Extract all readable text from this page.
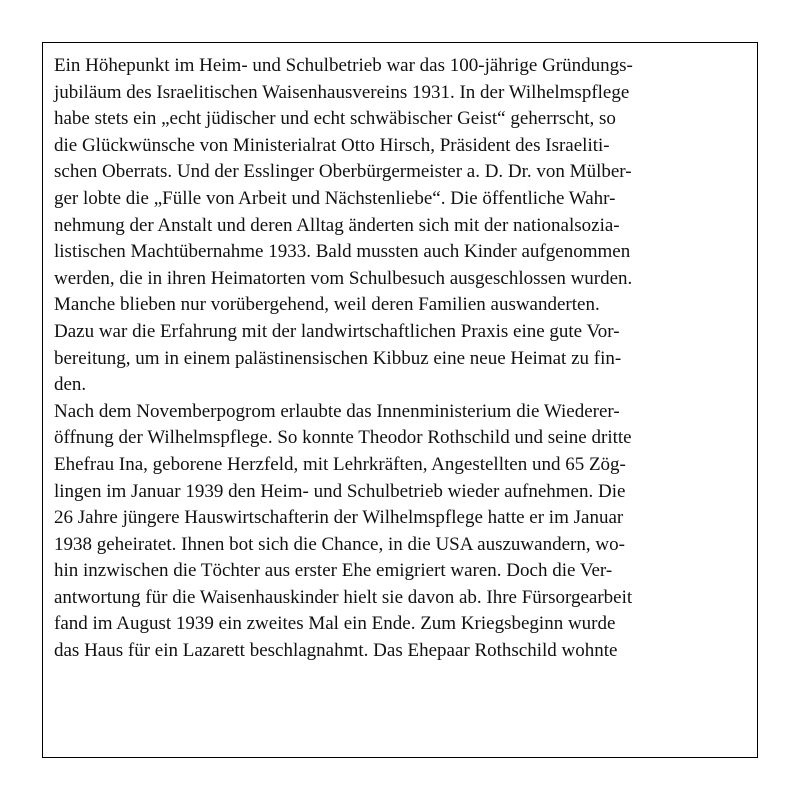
Ein Höhepunkt im Heim- und Schulbetrieb war das 100-jährige Gründungs-
jubiläum des Israelitischen Waisenhausvereins 1931. In der Wilhelmspflege
habe stets ein „echt jüdischer und echt schwäbischer Geist“ geherrscht, so
die Glückwünsche von Ministerialrat Otto Hirsch, Präsident des Israeliti-
schen Oberrats. Und der Esslinger Oberbürgermeister a. D. Dr. von Mülber-
ger lobte die „Fülle von Arbeit und Nächstenliebe“. Die öffentliche Wahr-
nehmung der Anstalt und deren Alltag änderten sich mit der nationalsozia-
listischen Machtübernahme 1933. Bald mussten auch Kinder aufgenommen
werden, die in ihren Heimatorten vom Schulbesuch ausgeschlossen wurden.
Manche blieben nur vorübergehend, weil deren Familien auswanderten.
Dazu war die Erfahrung mit der landwirtschaftlichen Praxis eine gute Vor-
bereitung, um in einem palästinensischen Kibbuz eine neue Heimat zu fin-
den.
Nach dem Novemberpogrom erlaubte das Innenministerium die Wiederer-
öffnung der Wilhelmspflege. So konnte Theodor Rothschild und seine dritte
Ehefrau Ina, geborene Herzfeld, mit Lehrkräften, Angestellten und 65 Zög-
lingen im Januar 1939 den Heim- und Schulbetrieb wieder aufnehmen. Die
26 Jahre jüngere Hauswirtschafterin der Wilhelmspflege hatte er im Januar
1938 geheiratet. Ihnen bot sich die Chance, in die USA auszuwandern, wo-
hin inzwischen die Töchter aus erster Ehe emigriert waren. Doch die Ver-
antwortung für die Waisenhauskinder hielt sie davon ab. Ihre Fürsorgearbeit
fand im August 1939 ein zweites Mal ein Ende. Zum Kriegsbeginn wurde
das Haus für ein Lazarett beschlagnahmt. Das Ehepaar Rothschild wohnte
